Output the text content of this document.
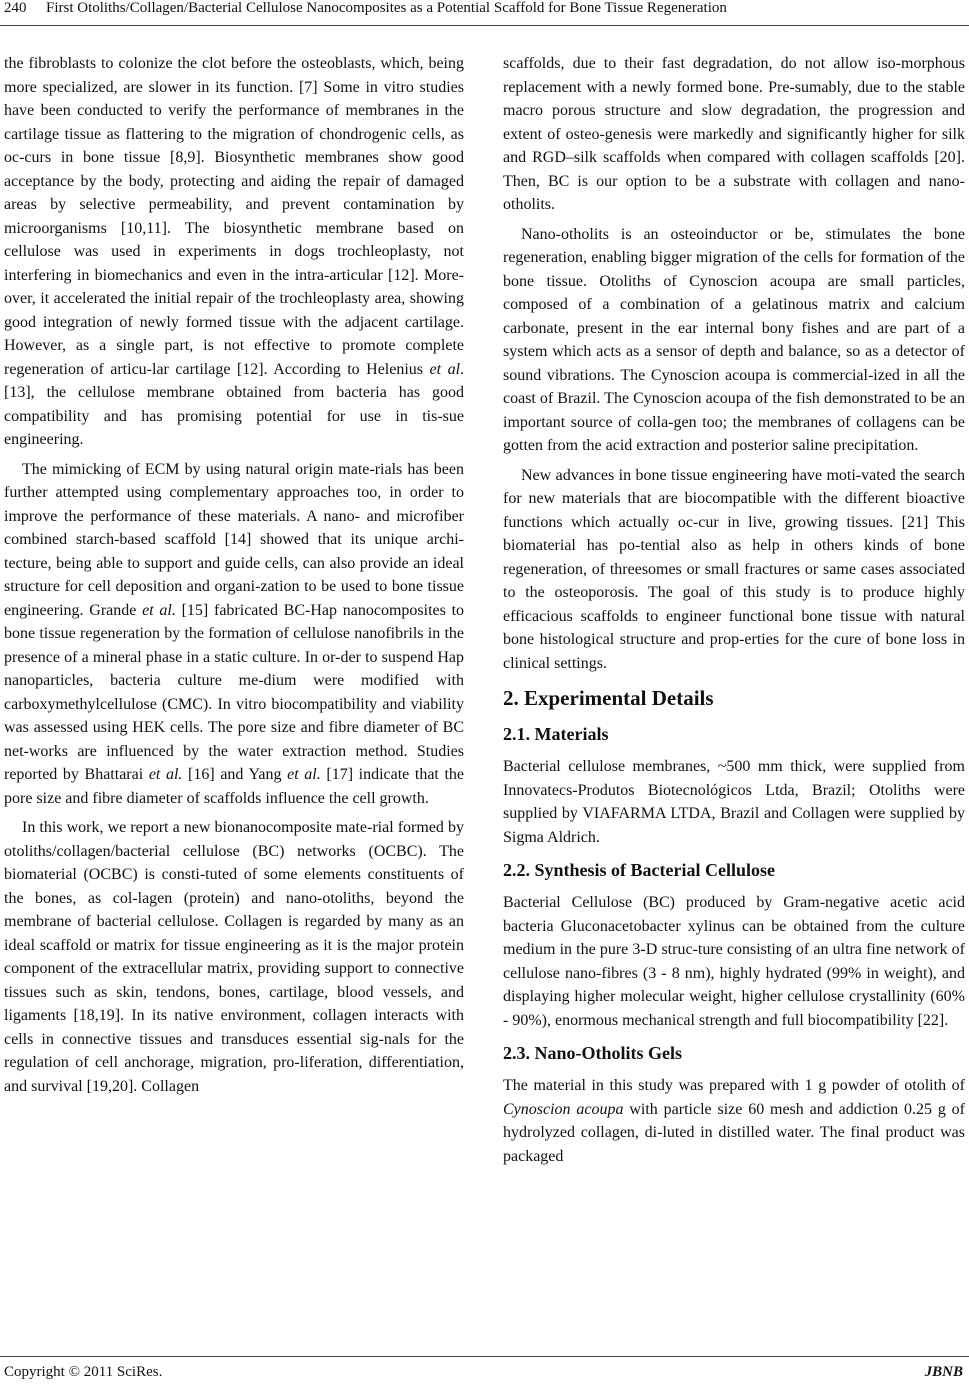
240 First Otoliths/Collagen/Bacterial Cellulose Nanocomposites as a Potential Scaffold for Bone Tissue Regeneration

the fibroblasts to colonize the clot before the osteoblasts, which, being more specialized, are slower in its function. [7] Some in vitro studies have been conducted to verify the performance of membranes in the cartilage tissue as flattering to the migration of chondrogenic cells, as oc-curs in bone tissue [8,9]. Biosynthetic membranes show good acceptance by the body, protecting and aiding the repair of damaged areas by selective permeability, and prevent contamination by microorganisms [10,11]. The biosynthetic membrane based on cellulose was used in experiments in dogs trochleoplasty, not interfering in biomechanics and even in the intra-articular [12]. More-over, it accelerated the initial repair of the trochleoplasty area, showing good integration of newly formed tissue with the adjacent cartilage. However, as a single part, is not effective to promote complete regeneration of articu-lar cartilage [12]. According to Helenius et al. [13], the cellulose membrane obtained from bacteria has good compatibility and has promising potential for use in tis-sue engineering.

The mimicking of ECM by using natural origin mate-rials has been further attempted using complementary approaches too, in order to improve the performance of these materials. A nano- and microfiber combined starch-based scaffold [14] showed that its unique archi-tecture, being able to support and guide cells, can also provide an ideal structure for cell deposition and organi-zation to be used to bone tissue engineering. Grande et al. [15] fabricated BC-Hap nanocomposites to bone tissue regeneration by the formation of cellulose nanofibrils in the presence of a mineral phase in a static culture. In or-der to suspend Hap nanoparticles, bacteria culture me-dium were modified with carboxymethylcellulose (CMC). In vitro biocompatibility and viability was assessed using HEK cells. The pore size and fibre diameter of BC net-works are influenced by the water extraction method. Studies reported by Bhattarai et al. [16] and Yang et al. [17] indicate that the pore size and fibre diameter of scaffolds influence the cell growth.

In this work, we report a new bionanocomposite mate-rial formed by otoliths/collagen/bacterial cellulose (BC) networks (OCBC). The biomaterial (OCBC) is consti-tuted of some elements constituents of the bones, as col-lagen (protein) and nano-otoliths, beyond the membrane of bacterial cellulose. Collagen is regarded by many as an ideal scaffold or matrix for tissue engineering as it is the major protein component of the extracellular matrix, providing support to connective tissues such as skin, tendons, bones, cartilage, blood vessels, and ligaments [18,19]. In its native environment, collagen interacts with cells in connective tissues and transduces essential sig-nals for the regulation of cell anchorage, migration, pro-liferation, differentiation, and survival [19,20]. Collagen

scaffolds, due to their fast degradation, do not allow iso-morphous replacement with a newly formed bone. Pre-sumably, due to the stable macro porous structure and slow degradation, the progression and extent of osteo-genesis were markedly and significantly higher for silk and RGD–silk scaffolds when compared with collagen scaffolds [20]. Then, BC is our option to be a substrate with collagen and nano-otholits.

Nano-otholits is an osteoinductor or be, stimulates the bone regeneration, enabling bigger migration of the cells for formation of the bone tissue. Otoliths of Cynoscion acoupa are small particles, composed of a combination of a gelatinous matrix and calcium carbonate, present in the ear internal bony fishes and are part of a system which acts as a sensor of depth and balance, so as a detector of sound vibrations. The Cynoscion acoupa is commercial-ized in all the coast of Brazil. The Cynoscion acoupa of the fish demonstrated to be an important source of colla-gen too; the membranes of collagens can be gotten from the acid extraction and posterior saline precipitation.

New advances in bone tissue engineering have moti-vated the search for new materials that are biocompatible with the different bioactive functions which actually oc-cur in live, growing tissues. [21] This biomaterial has po-tential also as help in others kinds of bone regeneration, of threesomes or small fractures or same cases associated to the osteoporosis. The goal of this study is to produce highly efficacious scaffolds to engineer functional bone tissue with natural bone histological structure and prop-erties for the cure of bone loss in clinical settings.

2. Experimental Details
2.1. Materials

Bacterial cellulose membranes, ~500 mm thick, were supplied from Innovatecs-Produtos Biotecnológicos Ltda, Brazil; Otoliths were supplied by VIAFARMA LTDA, Brazil and Collagen were supplied by Sigma Aldrich.

2.2. Synthesis of Bacterial Cellulose

Bacterial Cellulose (BC) produced by Gram-negative acetic acid bacteria Gluconacetobacter xylinus can be obtained from the culture medium in the pure 3-D struc-ture consisting of an ultra fine network of cellulose nano-fibres (3 - 8 nm), highly hydrated (99% in weight), and displaying higher molecular weight, higher cellulose crystallinity (60% - 90%), enormous mechanical strength and full biocompatibility [22].

2.3. Nano-Otholits Gels

The material in this study was prepared with 1 g powder of otolith of Cynoscion acoupa with particle size 60 mesh and addiction 0.25 g of hydrolyzed collagen, di-luted in distilled water. The final product was packaged

Copyright © 2011 SciRes.	JBNB
